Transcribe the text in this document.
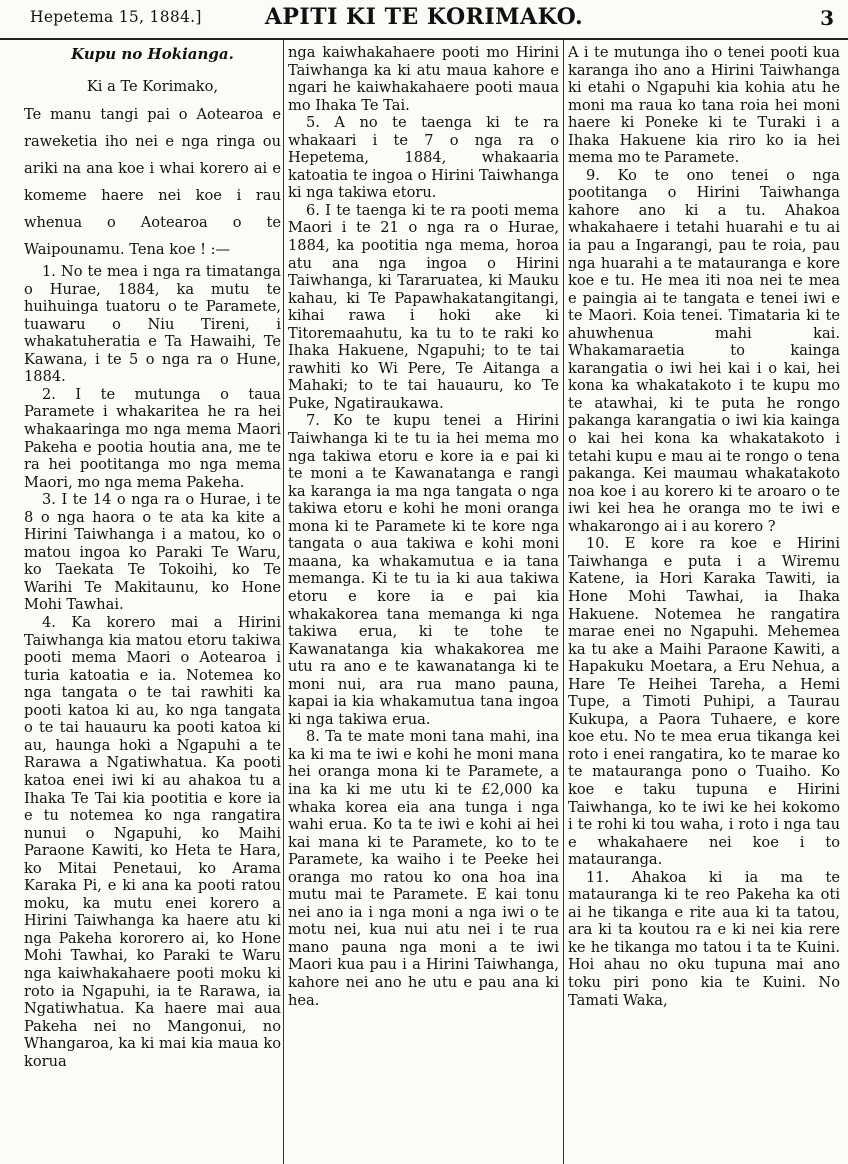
Hepetema 15, 1884.]	APITI KI TE KORIMAKO.	3

Kupu no Hokianga.

Ki a Te Korimako,

Te manu tangi pai o Aotearoa e raweketia iho nei e nga ringa ou ariki na ana koe i whai korero ai e komeme haere nei koe i rau whenua o Aotearoa o te Waipounamu. Tena koe ! :—

1. No te mea i nga ra timatanga o Hurae, 1884, ka mutu te huihuinga tuatoru o te Paramete, tuawaru o Niu Tireni, i whakatuheratia e Ta Hawaihi, Te Kawana, i te 5 o nga ra o Hune, 1884.

2. I te mutunga o taua Paramete i whakaritea he ra hei whakaaringa mo nga mema Maori Pakeha e pootia houtia ana, me te ra hei pootitanga mo nga mema Maori, mo nga mema Pakeha.

3. I te 14 o nga ra o Hurae, i te 8 o nga haora o te ata ka kite a Hirini Taiwhanga i a matou, ko o matou ingoa ko Paraki Te Waru, ko Taekata Te Tokoihi, ko Te Warihi Te Makitaunu, ko Hone Mohi Tawhai.

4. Ka korero mai a Hirini Taiwhanga kia matou etoru takiwa pooti mema Maori o Aotearoa i turia katoatia e ia. Notemea ko nga tangata o te tai rawhiti ka pooti katoa ki au, ko nga tangata o te tai hauauru ka pooti katoa ki au, haunga hoki a Ngapuhi a te Rarawa a Ngatiwhatua. Ka pooti katoa enei iwi ki au ahakoa tu a Ihaka Te Tai kia pootitia e kore ia e tu notemea ko nga rangatira nunui o Ngapuhi, ko Maihi Paraone Kawiti, ko Heta te Hara, ko Mitai Penetaui, ko Arama Karaka Pi, e ki ana ka pooti ratou moku, ka mutu enei korero a Hirini Taiwhanga ka haere atu ki nga Pakeha kororero ai, ko Hone Mohi Tawhai, ko Paraki te Waru nga kaiwhakahaere pooti moku ki roto ia Ngapuhi, ia te Rarawa, ia Ngatiwhatua. Ka haere mai aua Pakeha nei no Mangonui, no Whangaroa, ka ki mai kia maua ko korua

nga kaiwhakahaere pooti mo Hirini Taiwhanga ka ki atu maua kahore e ngari he kaiwhakahaere pooti maua mo Ihaka Te Tai.

5. A no te taenga ki te ra whakaari i te 7 o nga ra o Hepetema, 1884, whakaaria katoatia te ingoa o Hirini Taiwhanga ki nga takiwa etoru.

6. I te taenga ki te ra pooti mema Maori i te 21 o nga ra o Hurae, 1884, ka pootitia nga mema, horoa atu ana nga ingoa o Hirini Taiwhanga, ki Tararuatea, ki Mauku kahau, ki Te Papawhakatangitangi, kihai rawa i hoki ake ki Titoremaahutu, ka tu to te raki ko Ihaka Hakuene, Ngapuhi; to te tai rawhiti ko Wi Pere, Te Aitanga a Mahaki; to te tai hauauru, ko Te Puke, Ngatiraukawa.

7. Ko te kupu tenei a Hirini Taiwhanga ki te tu ia hei mema mo nga takiwa etoru e kore ia e pai ki te moni a te Kawanatanga e rangi ka karanga ia ma nga tangata o nga takiwa etoru e kohi he moni oranga mona ki te Paramete ki te kore nga tangata o aua takiwa e kohi moni maana, ka whakamutua e ia tana memanga. Ki te tu ia ki aua takiwa etoru e kore ia e pai kia whakakorea tana memanga ki nga takiwa erua, ki te tohe te Kawanatanga kia whakakorea me utu ra ano e te kawanatanga ki te moni nui, ara rua mano pauna, kapai ia kia whakamutua tana ingoa ki nga takiwa erua.

8. Ta te mate moni tana mahi, ina ka ki ma te iwi e kohi he moni mana hei oranga mona ki te Paramete, a ina ka ki me utu ki te £2,000 ka whaka korea eia ana tunga i nga wahi erua. Ko ta te iwi e kohi ai hei kai mana ki te Paramete, ko to te Paramete, ka waiho i te Peeke hei oranga mo ratou ko ona hoa ina mutu mai te Paramete. E kai tonu nei ano ia i nga moni a nga iwi o te motu nei, kua nui atu nei i te rua mano pauna nga moni a te iwi Maori kua pau i a Hirini Taiwhanga, kahore nei ano he utu e pau ana ki hea.

A i te mutunga iho o tenei pooti kua karanga iho ano a Hirini Taiwhanga ki etahi o Ngapuhi kia kohia atu he moni ma raua ko tana roia hei moni haere ki Poneke ki te Turaki i a Ihaka Hakuene kia riro ko ia hei mema mo te Paramete.

9. Ko te ono tenei o nga pootitanga o Hirini Taiwhanga kahore ano ki a tu. Ahakoa whakahaere i tetahi huarahi e tu ai ia pau a Ingarangi, pau te roia, pau nga huarahi a te matauranga e kore koe e tu. He mea iti noa nei te mea e paingia ai te tangata e tenei iwi e te Maori. Koia tenei. Timataria ki te ahuwhenua mahi kai. Whakamaraetia to kainga karangatia o iwi hei kai i o kai, hei kona ka whakatakoto i te kupu mo te atawhai, ki te puta he rongo pakanga karangatia o iwi kia kainga o kai hei kona ka whakatakoto i tetahi kupu e mau ai te rongo o tena pakanga. Kei maumau whakatakoto noa koe i au korero ki te aroaro o te iwi kei hea he oranga mo te iwi e whakarongo ai i au korero ?

10. E kore ra koe e Hirini Taiwhanga e puta i a Wiremu Katene, ia Hori Karaka Tawiti, ia Hone Mohi Tawhai, ia Ihaka Hakuene. Notemea he rangatira marae enei no Ngapuhi. Mehemea ka tu ake a Maihi Paraone Kawiti, a Hapakuku Moetara, a Eru Nehua, a Hare Te Heihei Tareha, a Hemi Tupe, a Timoti Puhipi, a Taurau Kukupa, a Paora Tuhaere, e kore koe etu. No te mea erua tikanga kei roto i enei rangatira, ko te marae ko te matauranga pono o Tuaiho. Ko koe e taku tupuna e Hirini Taiwhanga, ko te iwi ke hei kokomo i te rohi ki tou waha, i roto i nga tau e whakahaere nei koe i to matauranga.

11. Ahakoa ki ia ma te matauranga ki te reo Pakeha ka oti ai he tikanga e rite aua ki ta tatou, ara ki ta koutou ra e ki nei kia rere ke he tikanga mo tatou i ta te Kuini. Hoi ahau no oku tupuna mai ano toku piri pono kia te Kuini. No Tamati Waka,
